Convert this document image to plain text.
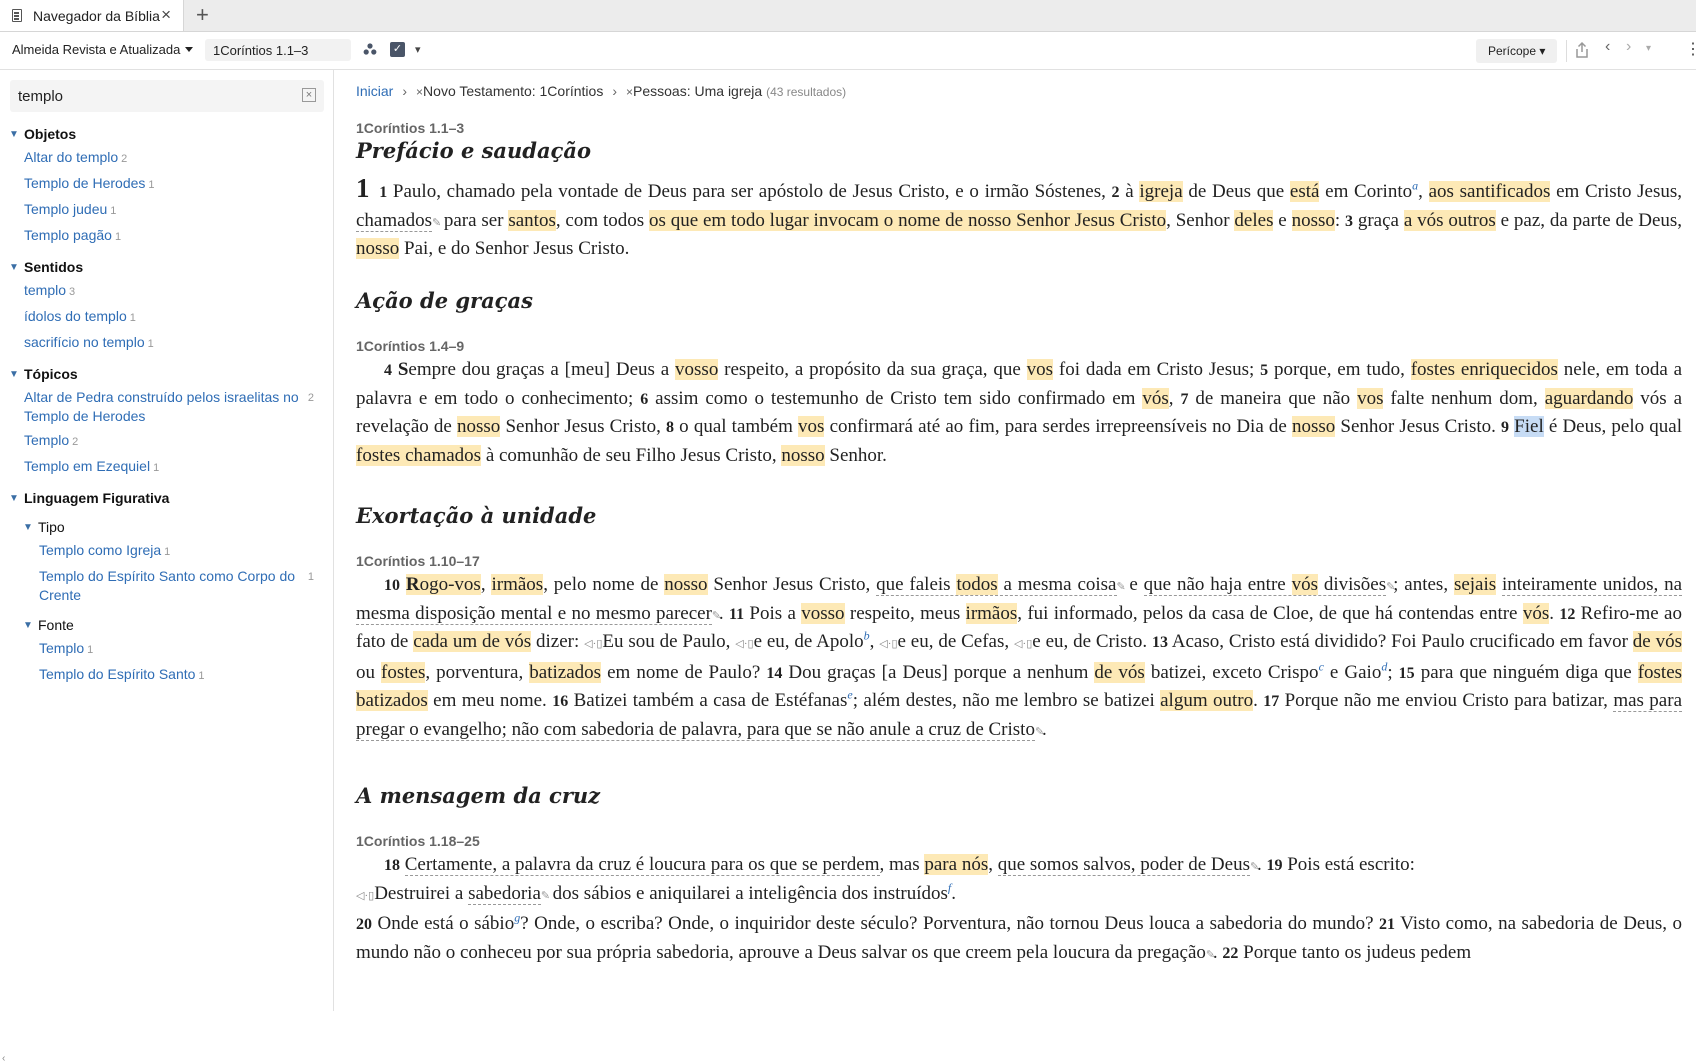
Navegador da Bíblia × +
Almeida Revista e Atualizada
1Coríntios 1.1–3	✓ ▾	Perícope ▾	‹ › ▾ ⋮
templo
×
▼ Objetos
Altar do templo 2
Templo de Herodes 1
Templo judeu 1
Templo pagão 1
▼ Sentidos
templo 3
ídolos do templo 1
sacrifício no templo 1
▼ Tópicos
Altar de Pedra construído pelos israelitas no Templo de Herodes
2
Templo 2
Templo em Ezequiel 1
▼ Linguagem Figurativa
▼ Tipo
Templo como Igreja 1
Templo do Espírito Santo como Corpo do Crente
1
▼ Fonte
Templo 1
Templo do Espírito Santo 1
‹
Iniciar › ×Novo Testamento: 1Coríntios › ×Pessoas: Uma igreja (43 resultados)

1Coríntios 1.1–3

Prefácio e saudação

1 1 Paulo, chamado pela vontade de Deus para ser apóstolo de Jesus Cristo, e o irmão Sóstenes, 2 à igreja de Deus que está em Corinto$^a$, aos santificados em Cristo Jesus, chamados✎ para ser santos, com todos os que em todo lugar invocam o nome de nosso Senhor Jesus Cristo, Senhor deles e nosso: 3 graça a vós outros e paz, da parte de Deus, nosso Pai, e do Senhor Jesus Cristo.

Ação de graças

1Coríntios 1.4–9

4 Sempre dou graças a [meu] Deus a vosso respeito, a propósito da sua graça, que vos foi dada em Cristo Jesus; 5 porque, em tudo, fostes enriquecidos nele, em toda a palavra e em todo o conhecimento; 6 assim como o testemunho de Cristo tem sido confirmado em vós, 7 de maneira que não vos falte nenhum dom, aguardando vós a revelação de nosso Senhor Jesus Cristo, 8 o qual também vos confirmará até ao fim, para serdes irrepreensíveis no Dia de nosso Senhor Jesus Cristo. 9 Fiel é Deus, pelo qual fostes chamados à comunhão de seu Filho Jesus Cristo, nosso Senhor.

Exortação à unidade

1Coríntios 1.10–17

10 Rogo-vos, irmãos, pelo nome de nosso Senhor Jesus Cristo, que faleis todos a mesma coisa✎ e que não haja entre vós divisões✎; antes, sejais inteiramente unidos, na mesma disposição mental e no mesmo parecer✎. 11 Pois a vosso respeito, meus irmãos, fui informado, pelos da casa de Cloe, de que há contendas entre vós. 12 Refiro-me ao fato de cada um de vós dizer: ◁·▯Eu sou de Paulo, ◁·▯e eu, de Apolo$^b$, ◁·▯e eu, de Cefas, ◁·▯e eu, de Cristo. 13 Acaso, Cristo está dividido? Foi Paulo crucificado em favor de vós ou fostes, porventura, batizados em nome de Paulo? 14 Dou graças [a Deus] porque a nenhum de vós batizei, exceto Crispo$^c$ e Gaio$^d$; 15 para que ninguém diga que fostes batizados em meu nome. 16 Batizei também a casa de Estéfanas$^e$; além destes, não me lembro se batizei algum outro. 17 Porque não me enviou Cristo para batizar, mas para pregar o evangelho; não com sabedoria de palavra, para que se não anule a cruz de Cristo✎.

A mensagem da cruz

1Coríntios 1.18–25

18 Certamente, a palavra da cruz é loucura para os que se perdem, mas para nós, que somos salvos, poder de Deus✎. 19 Pois está escrito:
◁·▯Destruirei a sabedoria✎ dos sábios e aniquilarei a inteligência dos instruídos$^f$.
20 Onde está o sábio$^g$? Onde, o escriba? Onde, o inquiridor deste século? Porventura, não tornou Deus louca a sabedoria do mundo? 21 Visto como, na sabedoria de Deus, o mundo não o conheceu por sua própria sabedoria, aprouve a Deus salvar os que creem pela loucura da pregação✎. 22 Porque tanto os judeus pedem
